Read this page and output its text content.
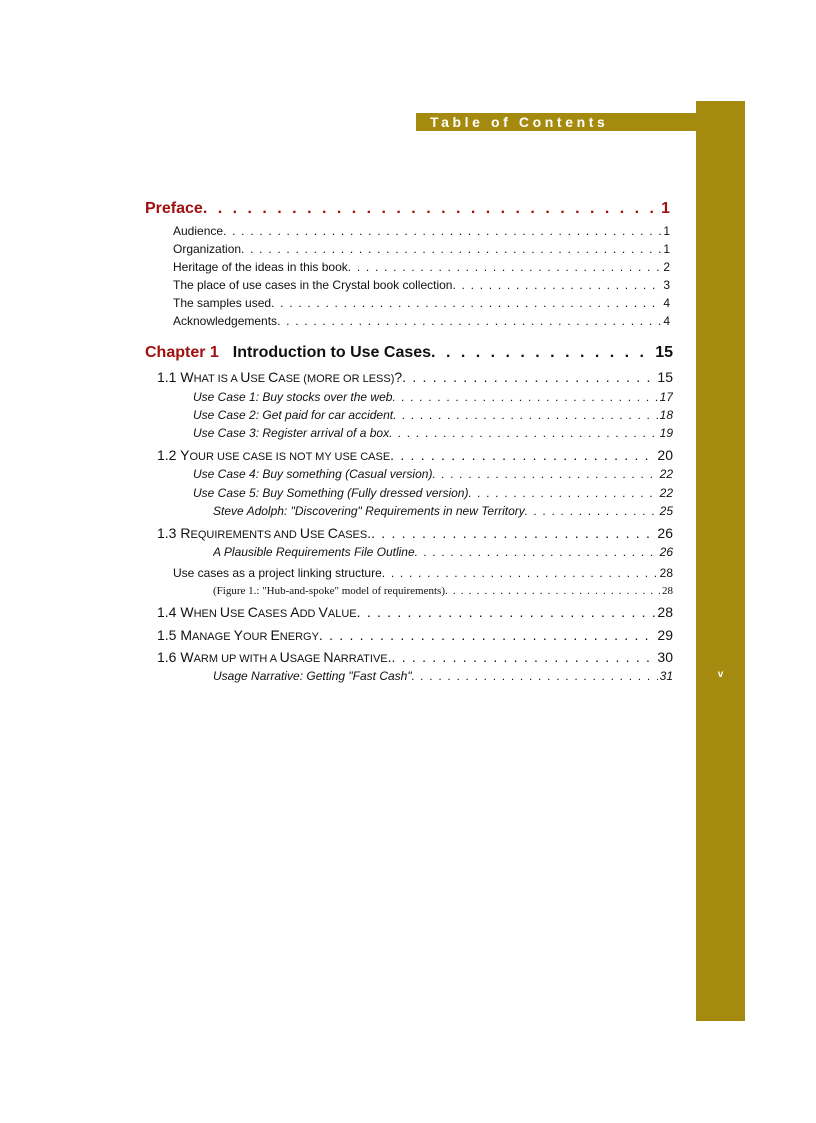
v
Table of Contents
Preface . . .	1
Audience . . .	1
Organization . . .	1
Heritage of the ideas in this book . . .	2
The place of use cases in the Crystal book collection . . .	3
The samples used . . .	4
Acknowledgements . . .	4
Chapter 1 Introduction to Use Cases . . .	15
1.1 WHAT IS A USE CASE (MORE OR LESS)? . . .	15
Use Case 1: Buy stocks over the web . . .	17
Use Case 2: Get paid for car accident . . .	18
Use Case 3: Register arrival of a box . . .	19
1.2 YOUR USE CASE IS NOT MY USE CASE . . .	20
Use Case 4: Buy something (Casual version) . . .	22
Use Case 5: Buy Something (Fully dressed version) . . .	22
Steve Adolph: "Discovering" Requirements in new Territory . . .	25
1.3 REQUIREMENTS AND USE CASES. . . .	26
A Plausible Requirements File Outline . . .	26
Use cases as a project linking structure . . .	28
(Figure 1.: "Hub-and-spoke" model of requirements) . . .	28
1.4 WHEN USE CASES ADD VALUE . . .	28
1.5 MANAGE YOUR ENERGY . . .	29
1.6 WARM UP WITH A USAGE NARRATIVE. . . .	30
Usage Narrative: Getting "Fast Cash" . . .	31
